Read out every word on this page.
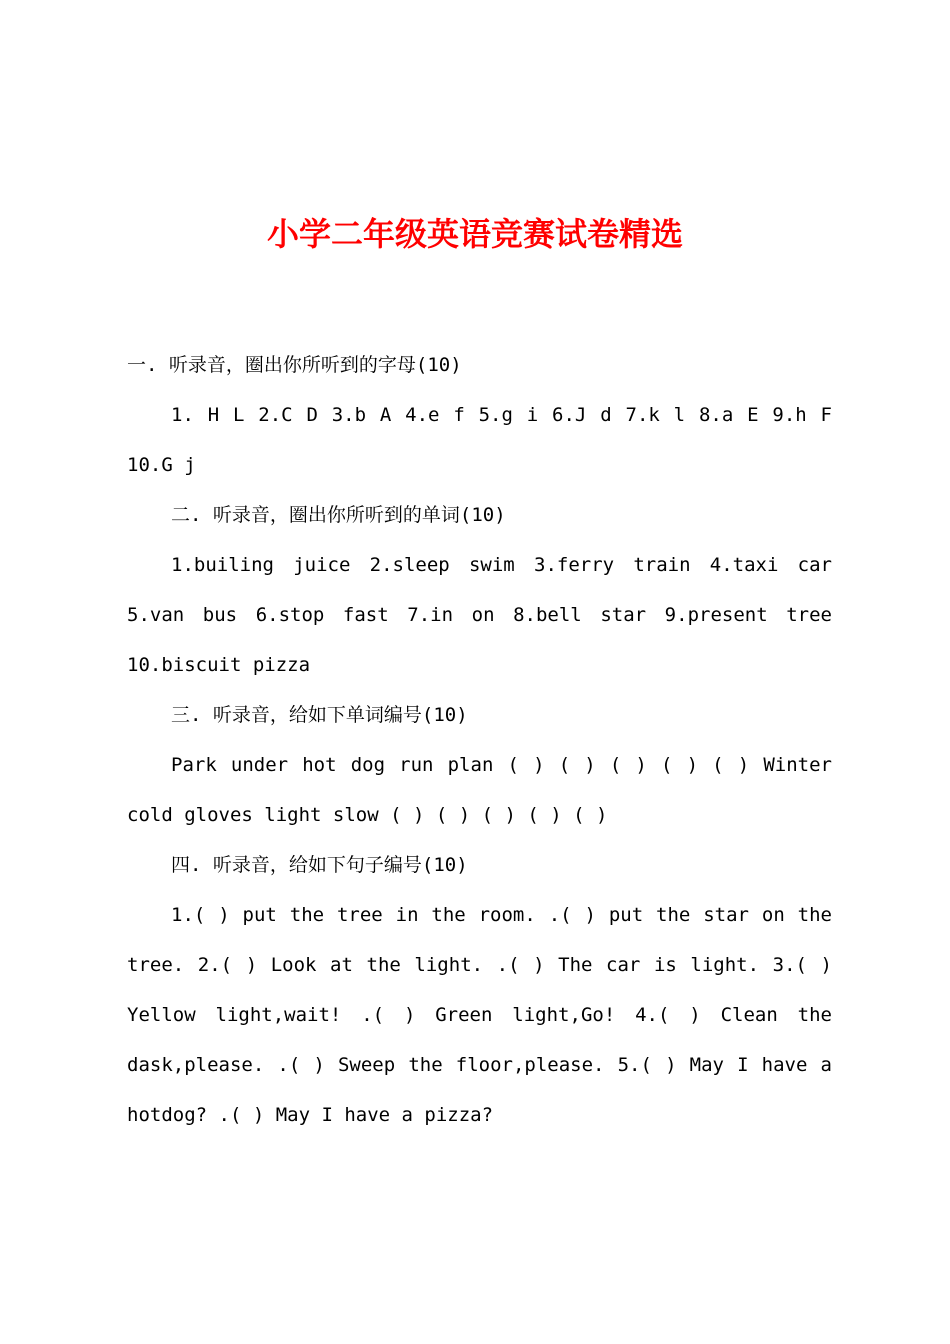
小学二年级英语竞赛试卷精选

一. 听录音，圈出你所听到的字母(10)

1. H L 2.C D 3.b A 4.e f 5.g i 6.J d 7.k l 8.a E 9.h F 10.G j

二. 听录音，圈出你所听到的单词(10)

1.builing juice 2.sleep swim 3.ferry train 4.taxi car 5.van bus 6.stop fast 7.in on 8.bell star 9.present tree 10.biscuit pizza

三. 听录音，给如下单词编号(10)

Park under hot dog run plan ( ) ( ) ( ) ( ) ( ) Winter cold gloves light slow ( ) ( ) ( ) ( ) ( )

四. 听录音，给如下句子编号(10)

1.( ) put the tree in the room. .( ) put the star on the tree. 2.( ) Look at the light. .( ) The car is light. 3.( ) Yellow light,wait! .( ) Green light,Go! 4.( ) Clean the dask,please. .( ) Sweep the floor,please. 5.( ) May I have a hotdog? .( ) May I have a pizza?
